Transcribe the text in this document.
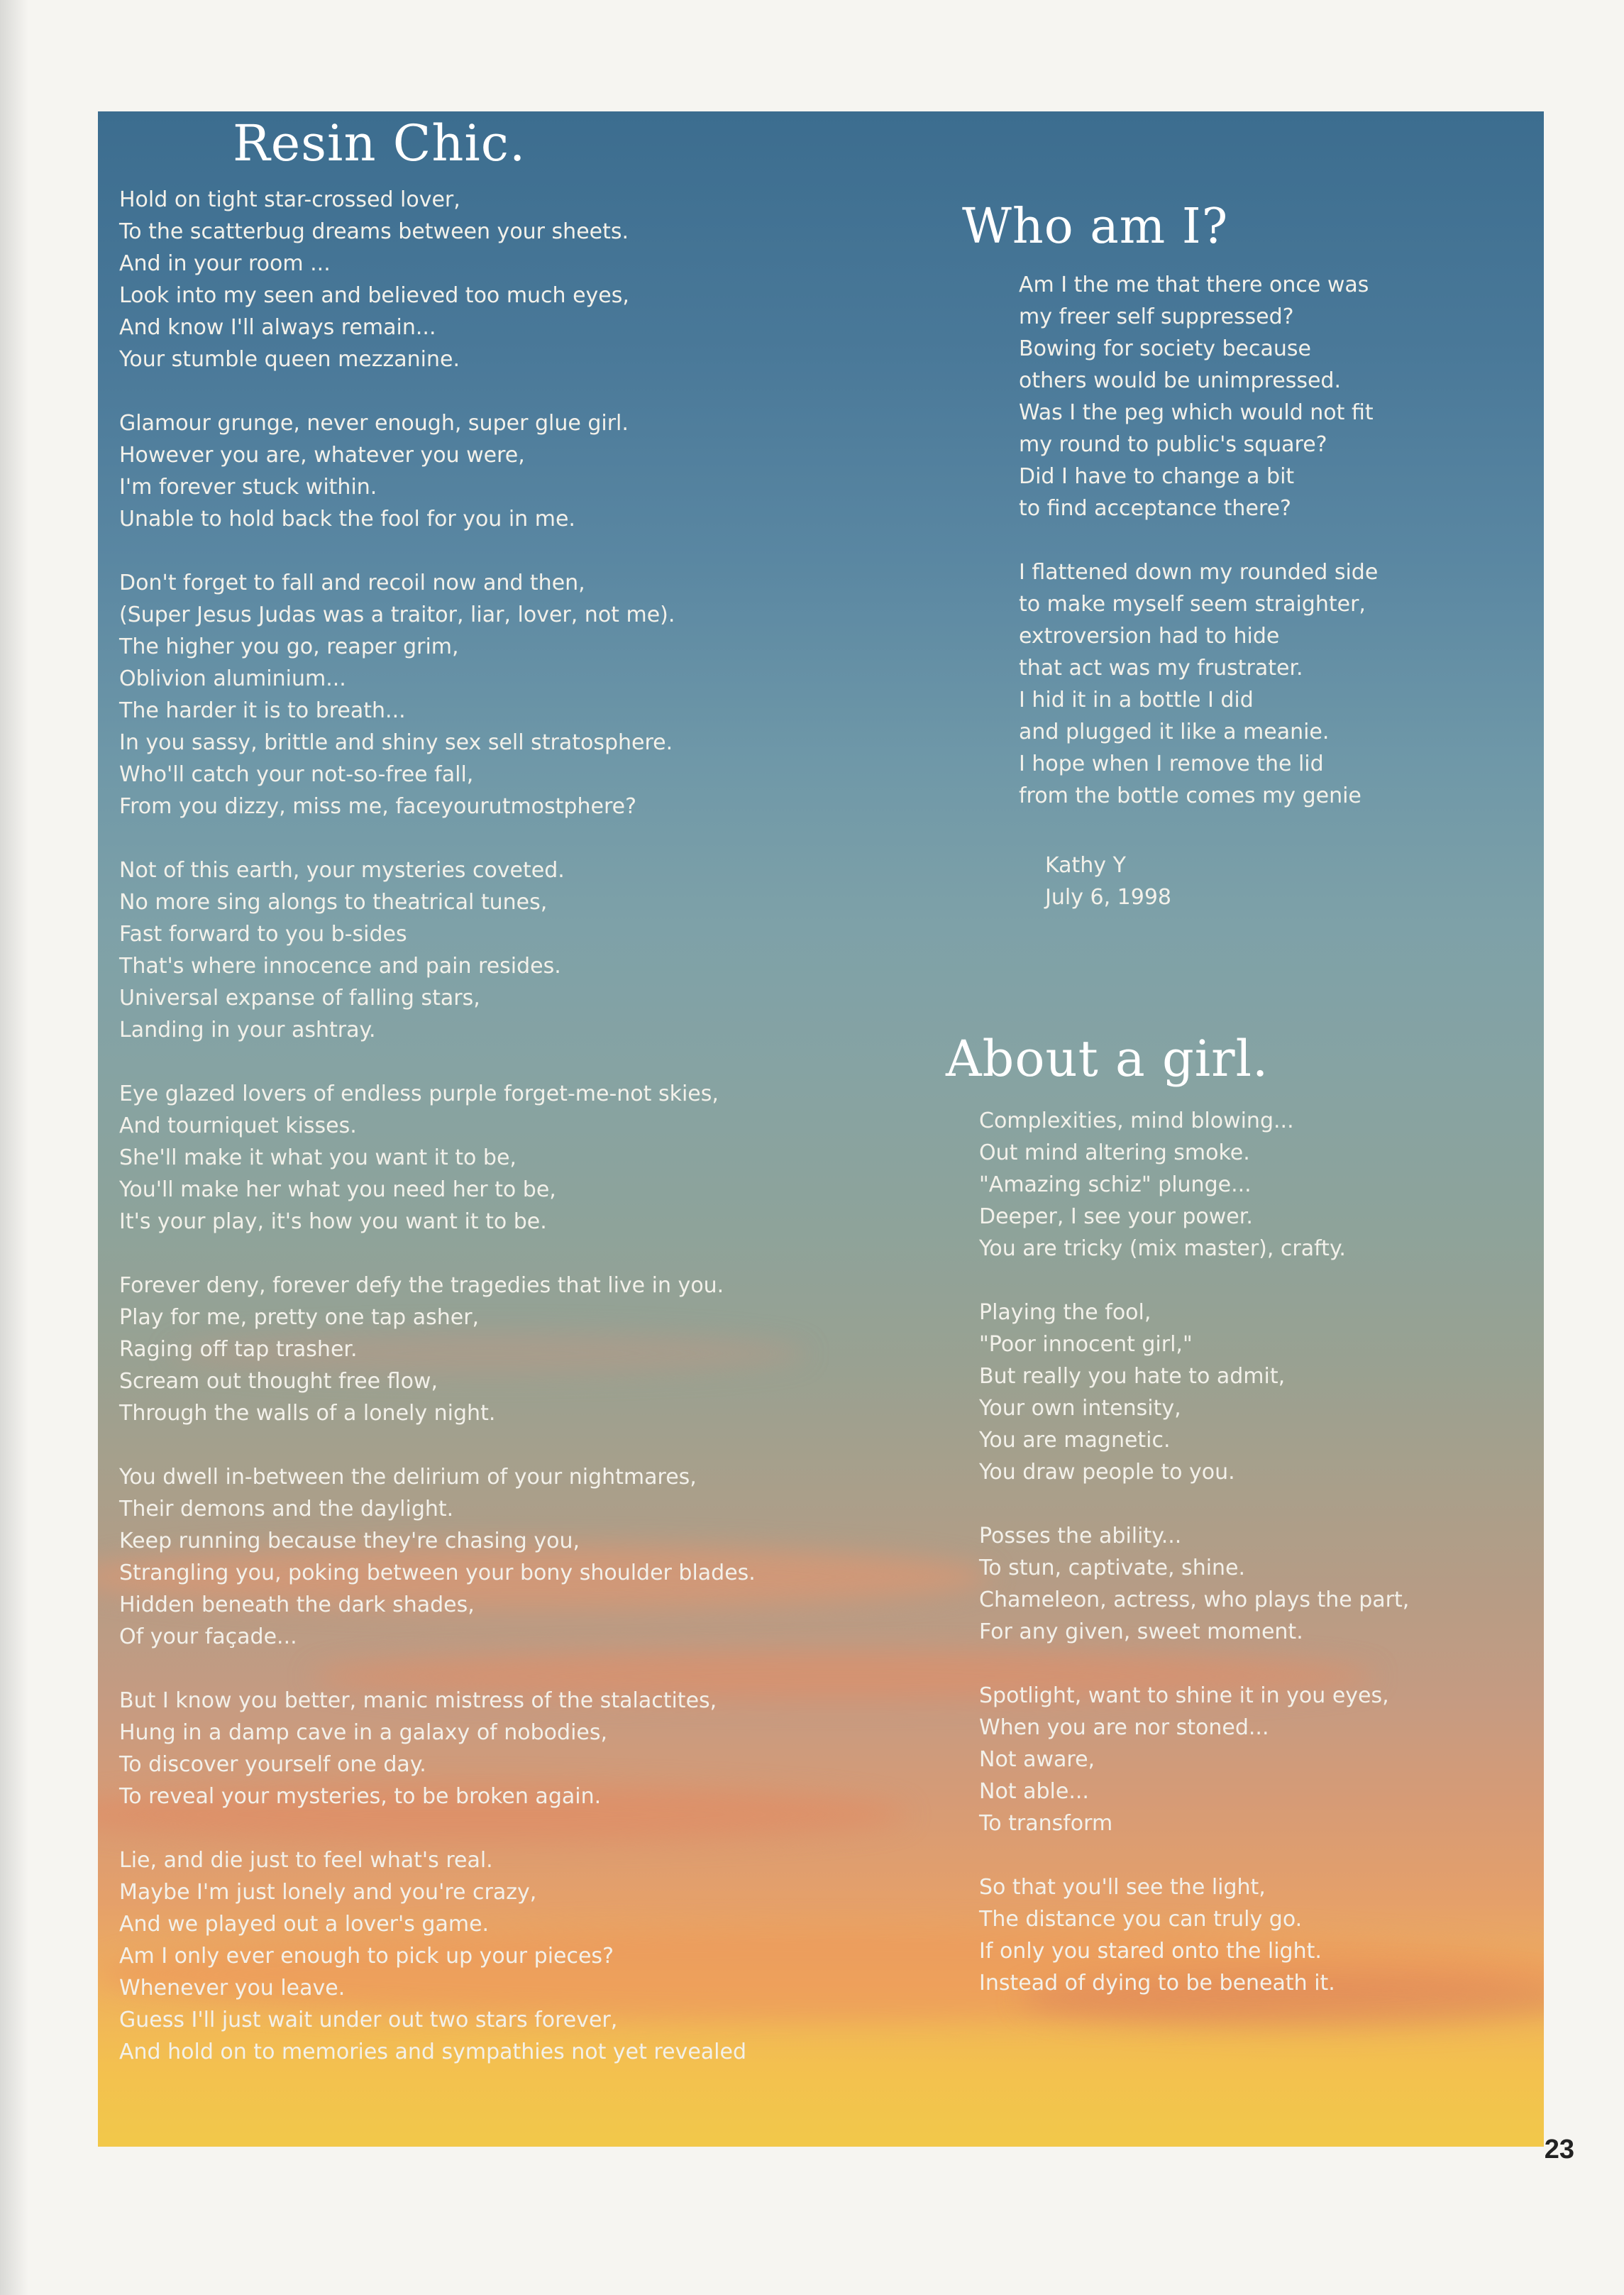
Resin Chic.
Hold on tight star-crossed lover,
To the scatterbug dreams between your sheets.
And in your room ...
Look into my seen and believed too much eyes,
And know I'll always remain...
Your stumble queen mezzanine.
Glamour grunge, never enough, super glue girl.
However you are, whatever you were,
I'm forever stuck within.
Unable to hold back the fool for you in me.
Don't forget to fall and recoil now and then,
(Super Jesus Judas was a traitor, liar, lover, not me).
The higher you go, reaper grim,
Oblivion aluminium...
The harder it is to breath...
In you sassy, brittle and shiny sex sell stratosphere.
Who'll catch your not-so-free fall,
From you dizzy, miss me, faceyourutmostphere?
Not of this earth, your mysteries coveted.
No more sing alongs to theatrical tunes,
Fast forward to you b-sides
That's where innocence and pain resides.
Universal expanse of falling stars,
Landing in your ashtray.
Eye glazed lovers of endless purple forget-me-not skies,
And tourniquet kisses.
She'll make it what you want it to be,
You'll make her what you need her to be,
It's your play, it's how you want it to be.
Forever deny, forever defy the tragedies that live in you.
Play for me, pretty one tap asher,
Raging off tap trasher.
Scream out thought free flow,
Through the walls of a lonely night.
You dwell in-between the delirium of your nightmares,
Their demons and the daylight.
Keep running because they're chasing you,
Strangling you, poking between your bony shoulder blades.
Hidden beneath the dark shades,
Of your façade...
But I know you better, manic mistress of the stalactites,
Hung in a damp cave in a galaxy of nobodies,
To discover yourself one day.
To reveal your mysteries, to be broken again.
Lie, and die just to feel what's real.
Maybe I'm just lonely and you're crazy,
And we played out a lover's game.
Am I only ever enough to pick up your pieces?
Whenever you leave.
Guess I'll just wait under out two stars forever,
And hold on to memories and sympathies not yet revealed
Who am I?
Am I the me that there once was
my freer self suppressed?
Bowing for society because
others would be unimpressed.
Was I the peg which would not fit
my round to public's square?
Did I have to change a bit
to find acceptance there?
I flattened down my rounded side
to make myself seem straighter,
extroversion had to hide
that act was my frustrater.
I hid it in a bottle I did
and plugged it like a meanie.
I hope when I remove the lid
from the bottle comes my genie
Kathy Y
July 6, 1998
About a girl.
Complexities, mind blowing...
Out mind altering smoke.
"Amazing schiz" plunge...
Deeper, I see your power.
You are tricky (mix master), crafty.
Playing the fool,
"Poor innocent girl,"
But really you hate to admit,
Your own intensity,
You are magnetic.
You draw people to you.
Posses the ability...
To stun, captivate, shine.
Chameleon, actress, who plays the part,
For any given, sweet moment.
Spotlight, want to shine it in you eyes,
When you are nor stoned...
Not aware,
Not able...
To transform
So that you'll see the light,
The distance you can truly go.
If only you stared onto the light.
Instead of dying to be beneath it.
23
